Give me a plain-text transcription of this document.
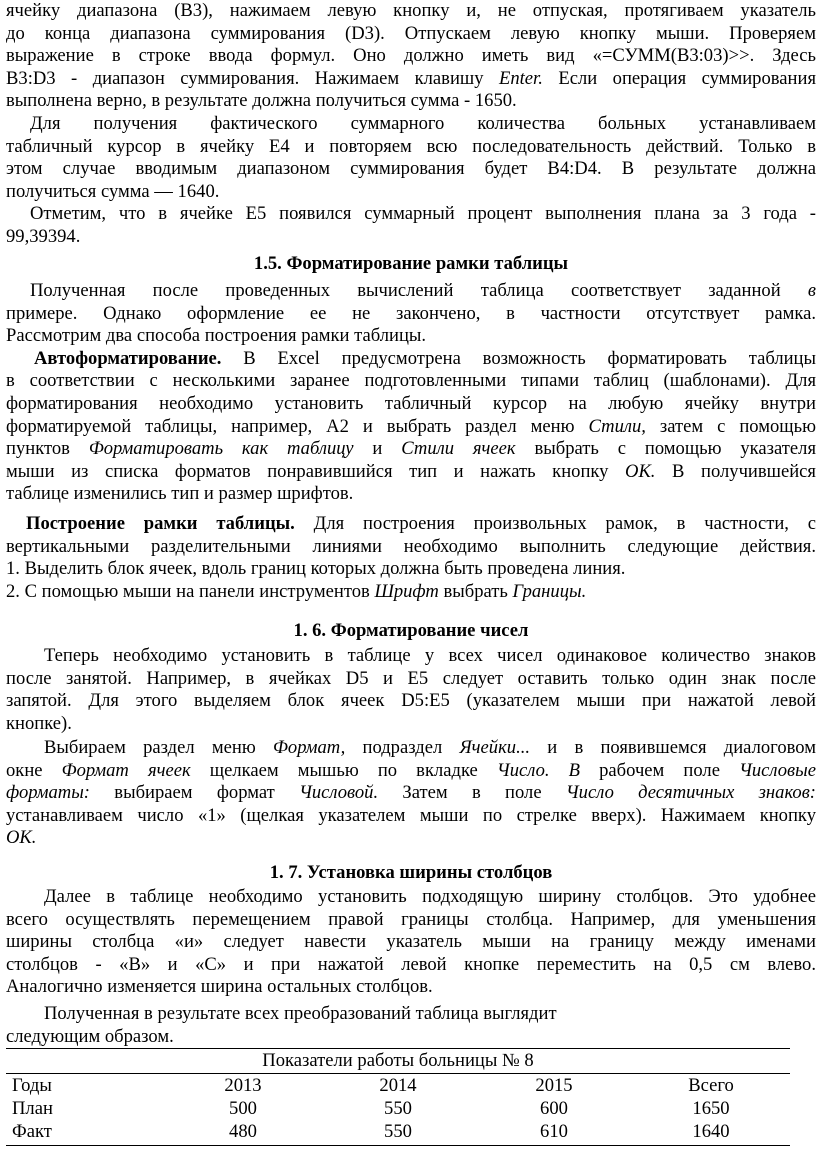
ячейку диапазона (B3), нажимаем левую кнопку и, не отпуская, протягиваем указатель
до конца диапазона суммирования (D3). Отпускаем левую кнопку мыши. Проверяем
выражение в строке ввода формул. Оно должно иметь вид «=СУММ(B3:03)>>. Здесь
B3:D3 - диапазон суммирования. Нажимаем клавишу Enter. Если операция суммирования
выполнена верно, в результате должна получиться сумма - 1650.
Для получения фактического суммарного количества больных устанавливаем
табличный курсор в ячейку E4 и повторяем всю последовательность действий. Только в
этом случае вводимым диапазоном суммирования будет B4:D4. В результате должна
получиться сумма — 1640.
Отметим, что в ячейке E5 появился суммарный процент выполнения плана за 3 года -
99,39394.
1.5. Форматирование рамки таблицы
Полученная после проведенных вычислений таблица соответствует заданной в
примере. Однако оформление ее не закончено, в частности отсутствует рамка.
Рассмотрим два способа построения рамки таблицы.
Автоформатирование. В Excel предусмотрена возможность форматировать таблицы
в соответствии с несколькими заранее подготовленными типами таблиц (шаблонами). Для
форматирования необходимо установить табличный курсор на любую ячейку внутри
форматируемой таблицы, например, A2 и выбрать раздел меню Стили, затем с помощью
пунктов Форматировать как таблицу и Стили ячеек выбрать с помощью указателя
мыши из списка форматов понравившийся тип и нажать кнопку ОК. В получившейся
таблице изменились тип и размер шрифтов.
Построение рамки таблицы. Для построения произвольных рамок, в частности, с
вертикальными разделительными линиями необходимо выполнить следующие действия.
1. Выделить блок ячеек, вдоль границ которых должна быть проведена линия.
2. С помощью мыши на панели инструментов Шрифт выбрать Границы.
1. 6. Форматирование чисел
Теперь необходимо установить в таблице у всех чисел одинаковое количество знаков
после занятой. Например, в ячейках D5 и E5 следует оставить только один знак после
запятой. Для этого выделяем блок ячеек D5:E5 (указателем мыши при нажатой левой
кнопке).
Выбираем раздел меню Формат, подраздел Ячейки... и в появившемся диалоговом
окне Формат ячеек щелкаем мышью по вкладке Число. В рабочем поле Числовые
форматы: выбираем формат Числовой. Затем в поле Число десятичных знаков:
устанавливаем число «1» (щелкая указателем мыши по стрелке вверх). Нажимаем кнопку
ОК.
1. 7. Установка ширины столбцов
Далее в таблице необходимо установить подходящую ширину столбцов. Это удобнее
всего осуществлять перемещением правой границы столбца. Например, для уменьшения
ширины столбца «и» следует навести указатель мыши на границу между именами
столбцов - «B» и «C» и при нажатой левой кнопке переместить на 0,5 см влево.
Аналогично изменяется ширина остальных столбцов.
Полученная в результате всех преобразований таблица выглядит
следующим образом.
Показатели работы больницы № 8
Годы	2013	2014	2015	Всего
План	500	550	600	1650
Факт	480	550	610	1640
